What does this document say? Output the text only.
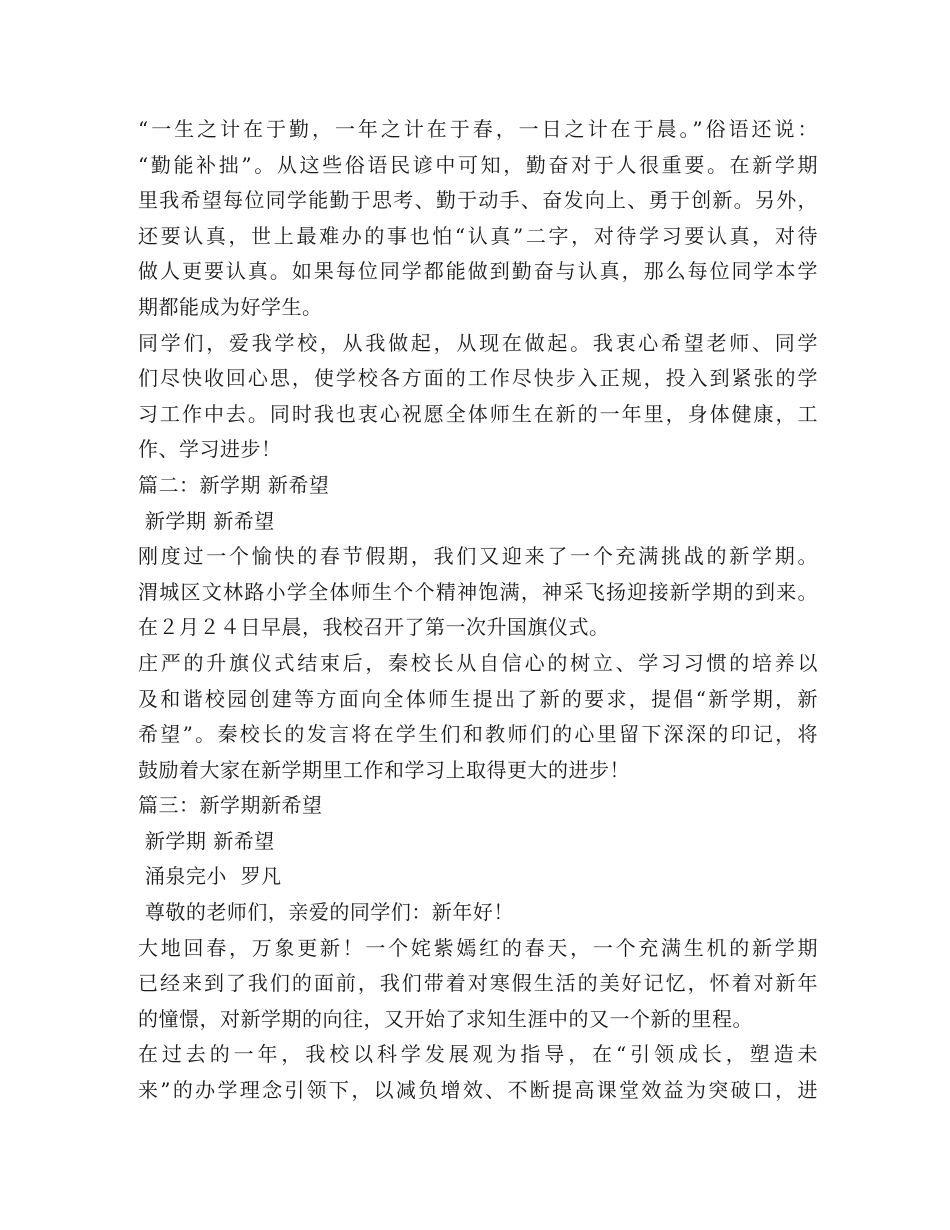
“一生之计在于勤，一年之计在于春，一日之计在于晨。”俗语还说：
“勤能补拙”。从这些俗语民谚中可知，勤奋对于人很重要。在新学期
里我希望每位同学能勤于思考、勤于动手、奋发向上、勇于创新。另外，
还要认真，世上最难办的事也怕“认真”二字，对待学习要认真，对待
做人更要认真。如果每位同学都能做到勤奋与认真，那么每位同学本学
期都能成为好学生。
同学们，爱我学校，从我做起，从现在做起。我衷心希望老师、同学
们尽快收回心思，使学校各方面的工作尽快步入正规，投入到紧张的学
习工作中去。同时我也衷心祝愿全体师生在新的一年里，身体健康，工
作、学习进步！
篇二：新学期 新希望
新学期 新希望
刚度过一个愉快的春节假期，我们又迎来了一个充满挑战的新学期。
渭城区文林路小学全体师生个个精神饱满，神采飞扬迎接新学期的到来。
在２月２４日早晨，我校召开了第一次升国旗仪式。
庄严的升旗仪式结束后，秦校长从自信心的树立、学习习惯的培养以
及和谐校园创建等方面向全体师生提出了新的要求，提倡“新学期，新
希望”。秦校长的发言将在学生们和教师们的心里留下深深的印记，将
鼓励着大家在新学期里工作和学习上取得更大的进步！
篇三：新学期新希望
新学期 新希望
涌泉完小  罗凡
尊敬的老师们，亲爱的同学们：新年好！
大地回春，万象更新！一个姹紫嫣红的春天，一个充满生机的新学期
已经来到了我们的面前，我们带着对寒假生活的美好记忆，怀着对新年
的憧憬，对新学期的向往，又开始了求知生涯中的又一个新的里程。
在过去的一年，我校以科学发展观为指导，在“引领成长，塑造未
来”的办学理念引领下，以减负增效、不断提高课堂效益为突破口，进
